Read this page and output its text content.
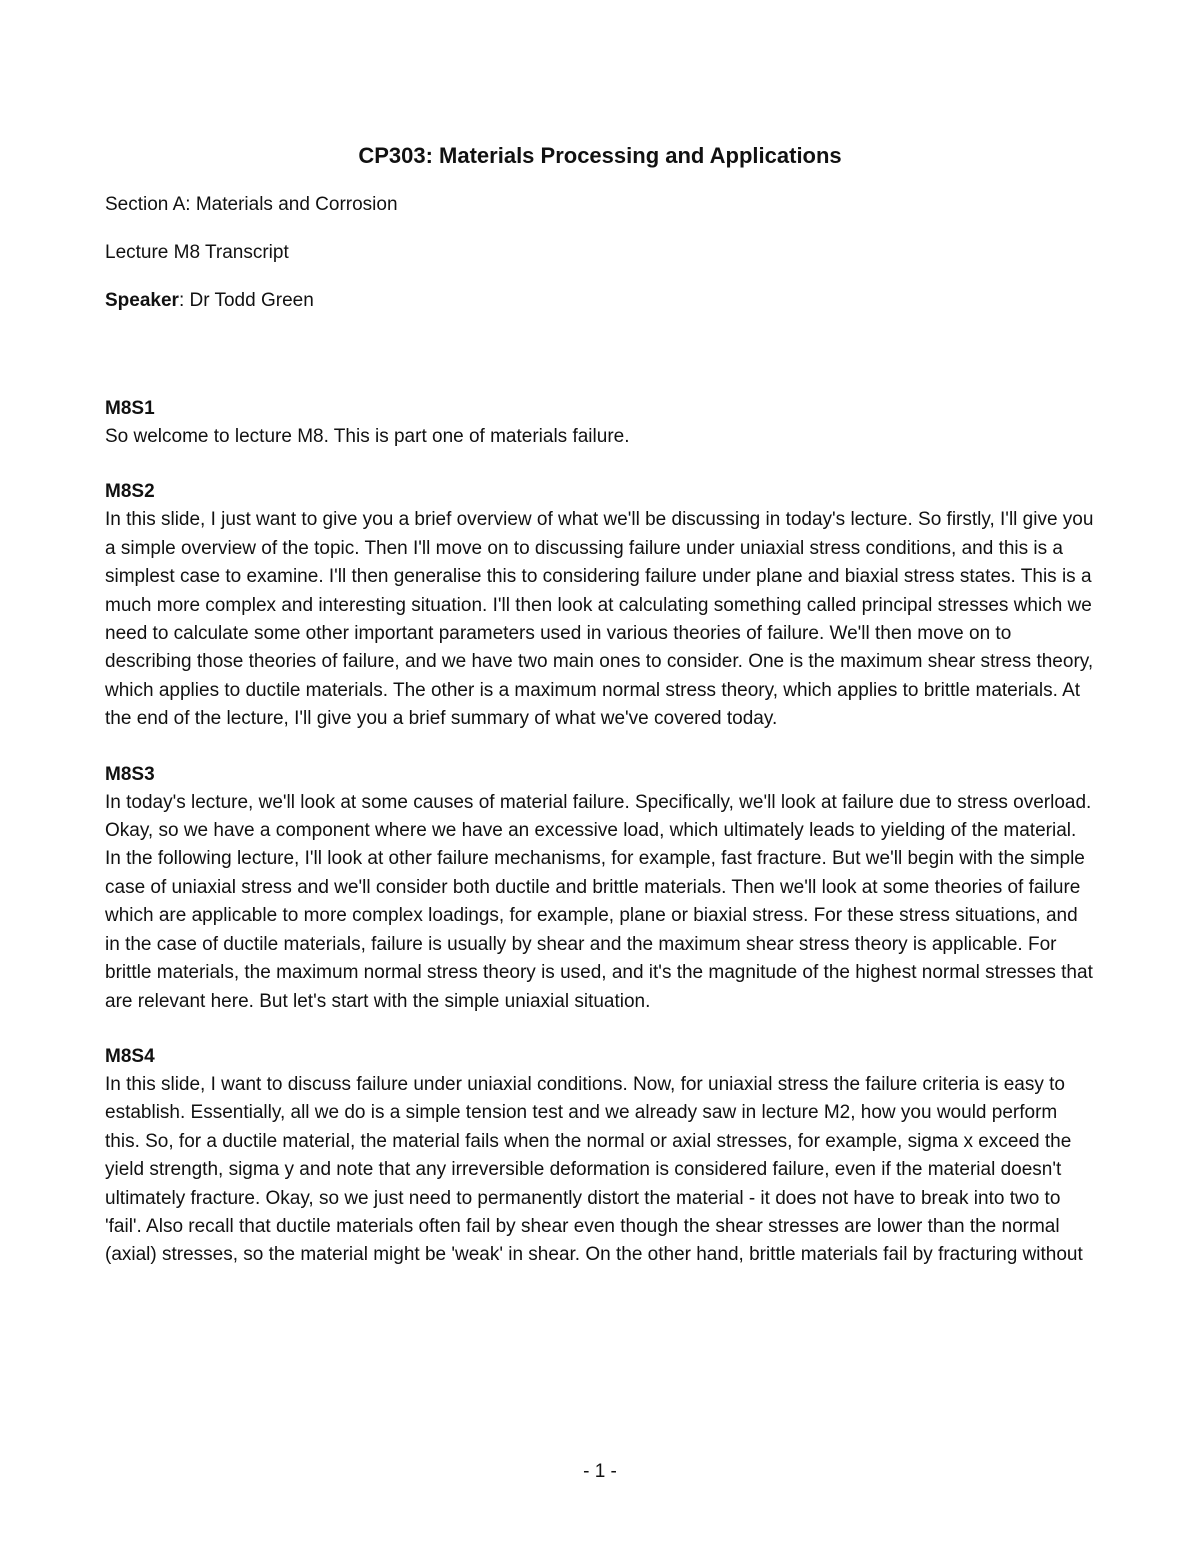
CP303: Materials Processing and Applications

Section A: Materials and Corrosion

Lecture M8 Transcript

Speaker: Dr Todd Green

M8S1

So welcome to lecture M8. This is part one of materials failure.

M8S2

In this slide, I just want to give you a brief overview of what we'll be discussing in today's lecture. So firstly, I'll give you a simple overview of the topic. Then I'll move on to discussing failure under uniaxial stress conditions, and this is a simplest case to examine. I'll then generalise this to considering failure under plane and biaxial stress states. This is a much more complex and interesting situation. I'll then look at calculating something called principal stresses which we need to calculate some other important parameters used in various theories of failure. We'll then move on to describing those theories of failure, and we have two main ones to consider. One is the maximum shear stress theory, which applies to ductile materials. The other is a maximum normal stress theory, which applies to brittle materials. At the end of the lecture, I'll give you a brief summary of what we've covered today.

M8S3

In today's lecture, we'll look at some causes of material failure. Specifically, we'll look at failure due to stress overload. Okay, so we have a component where we have an excessive load, which ultimately leads to yielding of the material. In the following lecture, I'll look at other failure mechanisms, for example, fast fracture. But we'll begin with the simple case of uniaxial stress and we'll consider both ductile and brittle materials. Then we'll look at some theories of failure which are applicable to more complex loadings, for example, plane or biaxial stress. For these stress situations, and in the case of ductile materials, failure is usually by shear and the maximum shear stress theory is applicable. For brittle materials, the maximum normal stress theory is used, and it's the magnitude of the highest normal stresses that are relevant here. But let's start with the simple uniaxial situation.

M8S4

In this slide, I want to discuss failure under uniaxial conditions. Now, for uniaxial stress the failure criteria is easy to establish. Essentially, all we do is a simple tension test and we already saw in lecture M2, how you would perform this. So, for a ductile material, the material fails when the normal or axial stresses, for example, sigma x exceed the yield strength, sigma y and note that any irreversible deformation is considered failure, even if the material doesn't ultimately fracture. Okay, so we just need to permanently distort the material - it does not have to break into two to 'fail'. Also recall that ductile materials often fail by shear even though the shear stresses are lower than the normal (axial) stresses, so the material might be 'weak' in shear. On the other hand, brittle materials fail by fracturing without

- 1 -
